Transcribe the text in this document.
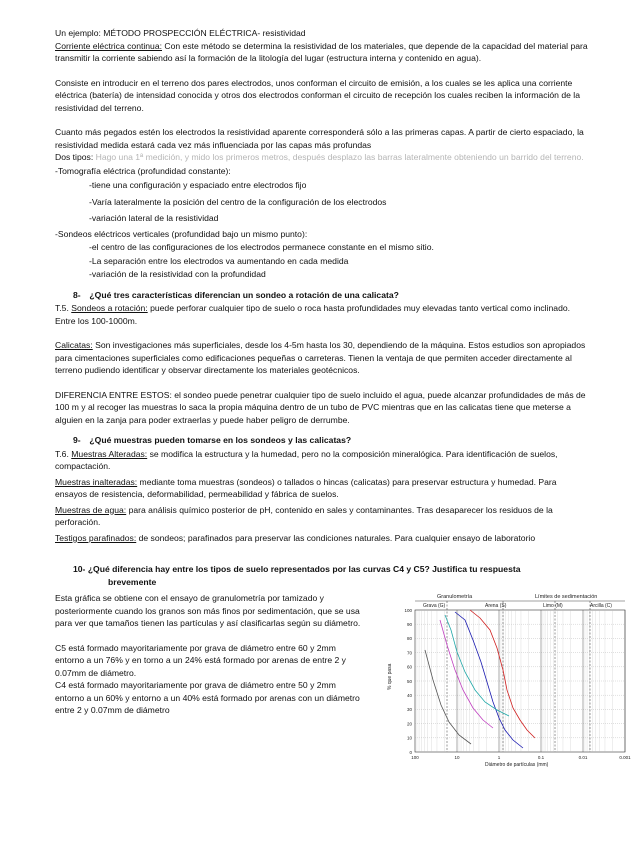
Un ejemplo: MÉTODO PROSPECCIÓN ELÉCTRICA- resistividad

Corriente eléctrica continua: Con este método se determina la resistividad de los materiales, que depende de la capacidad del material para transmitir la corriente sabiendo así la formación de la litología del lugar (estructura interna y contenido en agua).

Consiste en introducir en el terreno dos pares electrodos, unos conforman el circuito de emisión, a los cuales se les aplica una corriente eléctrica (batería) de intensidad conocida y otros dos electrodos conforman el circuito de recepción los cuales reciben la información de la resistividad del terreno.

Cuanto más pegados estén los electrodos la resistividad aparente corresponderá sólo a las primeras capas. A partir de cierto espaciado, la resistividad medida estará cada vez más influenciada por las capas más profundas

Dos tipos: Hago una 1ª medición, y mido los primeros metros, después desplazo las barras lateralmente obteniendo un barrido del terreno.

-Tomografía eléctrica (profundidad constante):

-tiene una configuración y espaciado entre electrodos fijo

-Varía lateralmente la posición del centro de la configuración de los electrodos

-variación lateral de la resistividad

-Sondeos eléctricos verticales (profundidad bajo un mismo punto):

-el centro de las configuraciones de los electrodos permanece constante en el mismo sitio.

-La separación entre los electrodos va aumentando en cada medida

-variación de la resistividad con la profundidad

8- ¿Qué tres características diferencian un sondeo a rotación de una calicata?

T.5. Sondeos a rotación: puede perforar cualquier tipo de suelo o roca hasta profundidades muy elevadas tanto vertical como inclinado. Entre los 100-1000m.

Calicatas: Son investigaciones más superficiales, desde los 4-5m hasta los 30, dependiendo de la máquina. Estos estudios son apropiados para cimentaciones superficiales como edificaciones pequeñas o carreteras. Tienen la ventaja de que permiten acceder directamente al terreno pudiendo identificar y observar directamente los materiales geotécnicos.

DIFERENCIA ENTRE ESTOS: el sondeo puede penetrar cualquier tipo de suelo incluido el agua, puede alcanzar profundidades de más de 100 m y al recoger las muestras lo saca la propia máquina dentro de un tubo de PVC mientras que en las calicatas tiene que meterse a alguien en la zanja para poder extraerlas y puede haber peligro de derrumbe.

9- ¿Qué muestras pueden tomarse en los sondeos y las calicatas?

T.6. Muestras Alteradas: se modifica la estructura y la humedad, pero no la composición mineralógica. Para identificación de suelos, compactación.

Muestras inalteradas: mediante toma muestras (sondeos) o tallados o hincas (calicatas) para preservar estructura y humedad. Para ensayos de resistencia, deformabilidad, permeabilidad y fábrica de suelos.

Muestras de agua: para análisis químico posterior de pH, contenido en sales y contaminantes. Tras desaparecer los residuos de la perforación.

Testigos parafinados: de sondeos; parafinados para preservar las condiciones naturales. Para cualquier ensayo de laboratorio

10- ¿Qué diferencia hay entre los tipos de suelo representados por las curvas C4 y C5? Justifica tu respuesta

brevemente

Esta gráfica se obtiene con el ensayo de granulometría por tamizado y posteriormente cuando los granos son más finos por sedimentación, que se usa para ver que tamaños tienen las partículas y así clasificarlas según su diámetro.

C5 está formado mayoritariamente por grava de diámetro entre 60 y 2mm entorno a un 76% y en torno a un 24% está formado por arenas de entre 2 y 0.07mm de diámetro.

C4 está formado mayoritariamente por grava de diámetro entre 50 y 2mm entorno a un 60% y entorno a un 40% está formado por arenas con un diámetro entre 2 y 0.07mm de diámetro

Granulometría	Límites de sedimentación
Grava (G)	Arena (S)	Limo (M)	Arcilla (C)
100
90
80
70
60
50
40
30
20
10
0
100	10	1	0.1	0.01	0.001
% que pasa
Diámetro de partículas (mm)
